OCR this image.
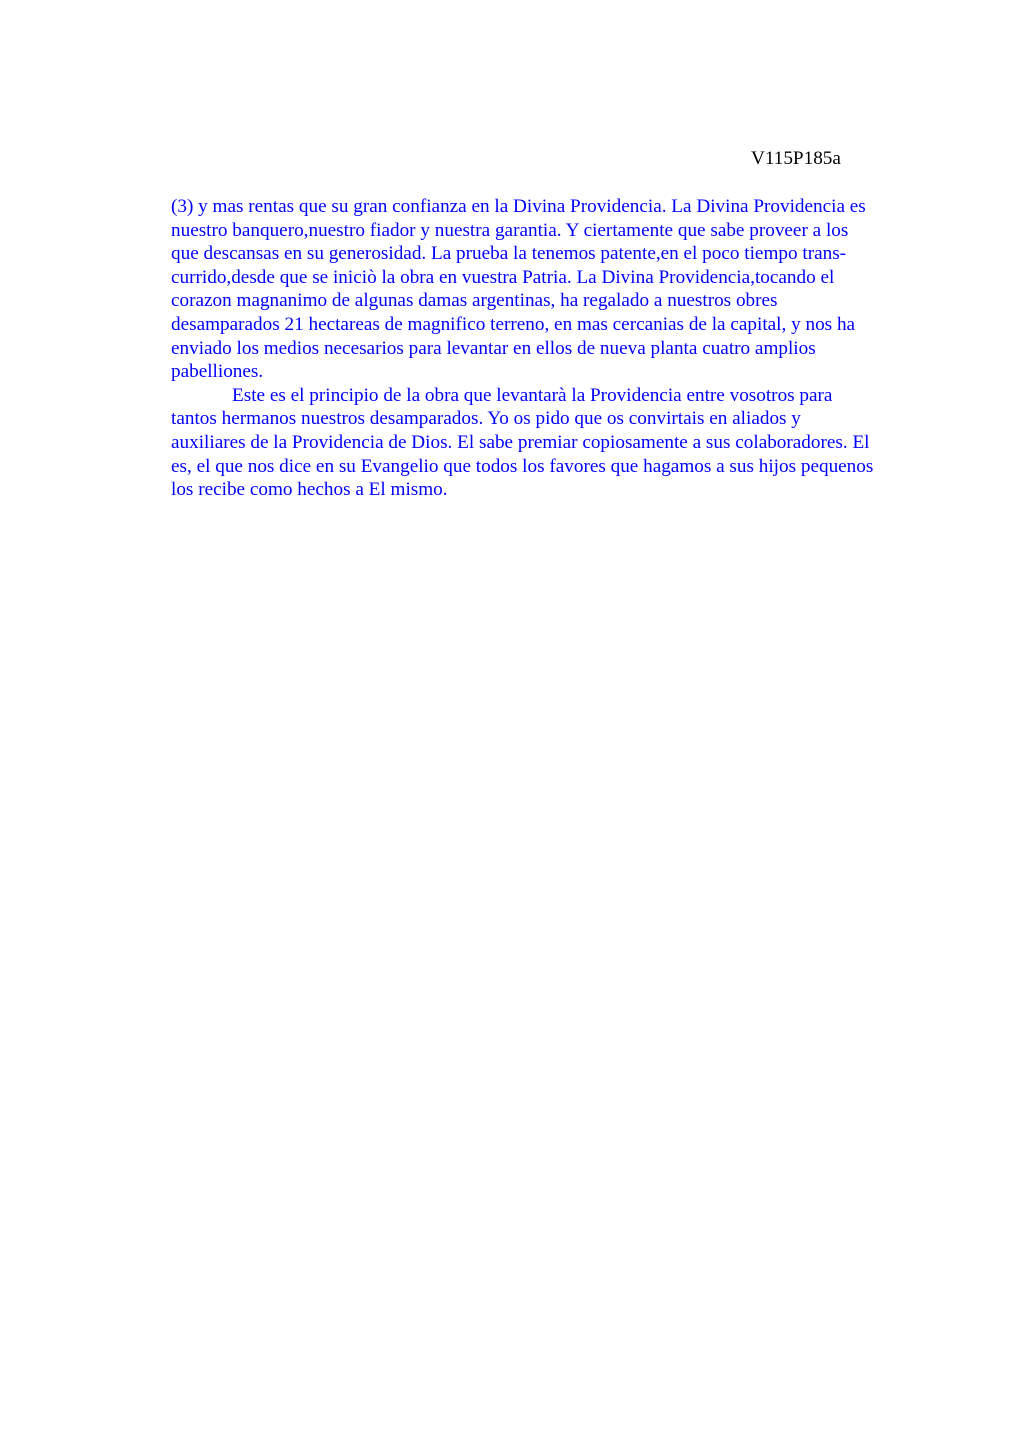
V115P185a
(3) y mas rentas que su gran confianza en la Divina Providencia. La Divina Providencia es
nuestro banquero,nuestro fiador y nuestra garantia. Y ciertamente que sabe proveer a los
que descansas en su generosidad. La prueba la tenemos patente,en el poco tiempo trans-
currido,desde que se iniciò la obra en vuestra Patria. La Divina Providencia,tocando el
corazon magnanimo de algunas damas argentinas, ha regalado a nuestros obres
desamparados 21 hectareas de magnifico terreno, en mas cercanias de la capital, y nos ha
enviado los medios necesarios para levantar en ellos de nueva planta cuatro amplios
pabelliones.
Este es el principio de la obra que levantarà la Providencia entre vosotros para
tantos hermanos nuestros desamparados. Yo os pido que os convirtais en aliados y
auxiliares de la Providencia de Dios. El sabe premiar copiosamente a sus colaboradores. El
es, el que nos dice en su Evangelio que todos los favores que hagamos a sus hijos pequenos
los recibe como hechos a El mismo.
